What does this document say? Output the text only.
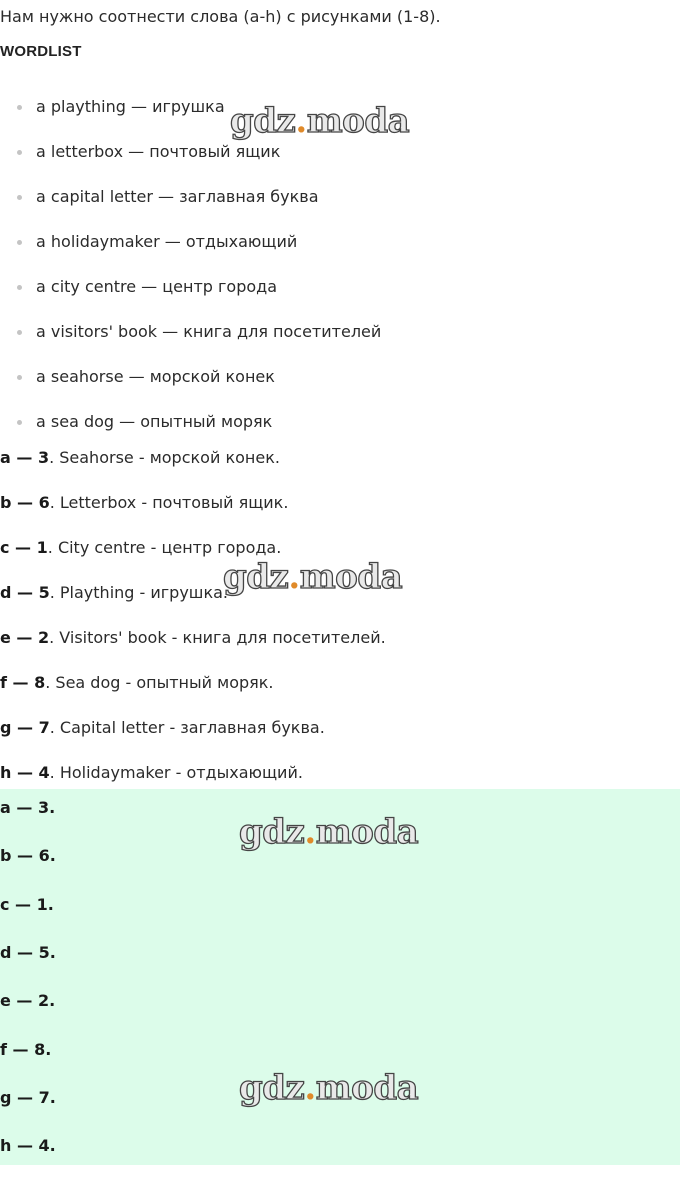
Нам нужно соотнести слова (a-h) с рисунками (1-8).
WORDLIST
a plaything — игрушка
a letterbox — почтовый ящик
a capital letter — заглавная буква
a holidaymaker — отдыхающий
a city centre — центр города
a visitors' book — книга для посетителей
a seahorse — морской конек
a sea dog — опытный моряк
a — 3. Seahorse - морской конек.
b — 6. Letterbox - почтовый ящик.
c — 1. City centre - центр города.
d — 5. Plaything - игрушка.
e — 2. Visitors' book - книга для посетителей.
f — 8. Sea dog - опытный моряк.
g — 7. Capital letter - заглавная буква.
h — 4. Holidaymaker - отдыхающий.
a — 3.
b — 6.
c — 1.
d — 5.
e — 2.
f — 8.
g — 7.
h — 4.
gdz.moda
gdz.moda
gdz.moda
gdz.moda
